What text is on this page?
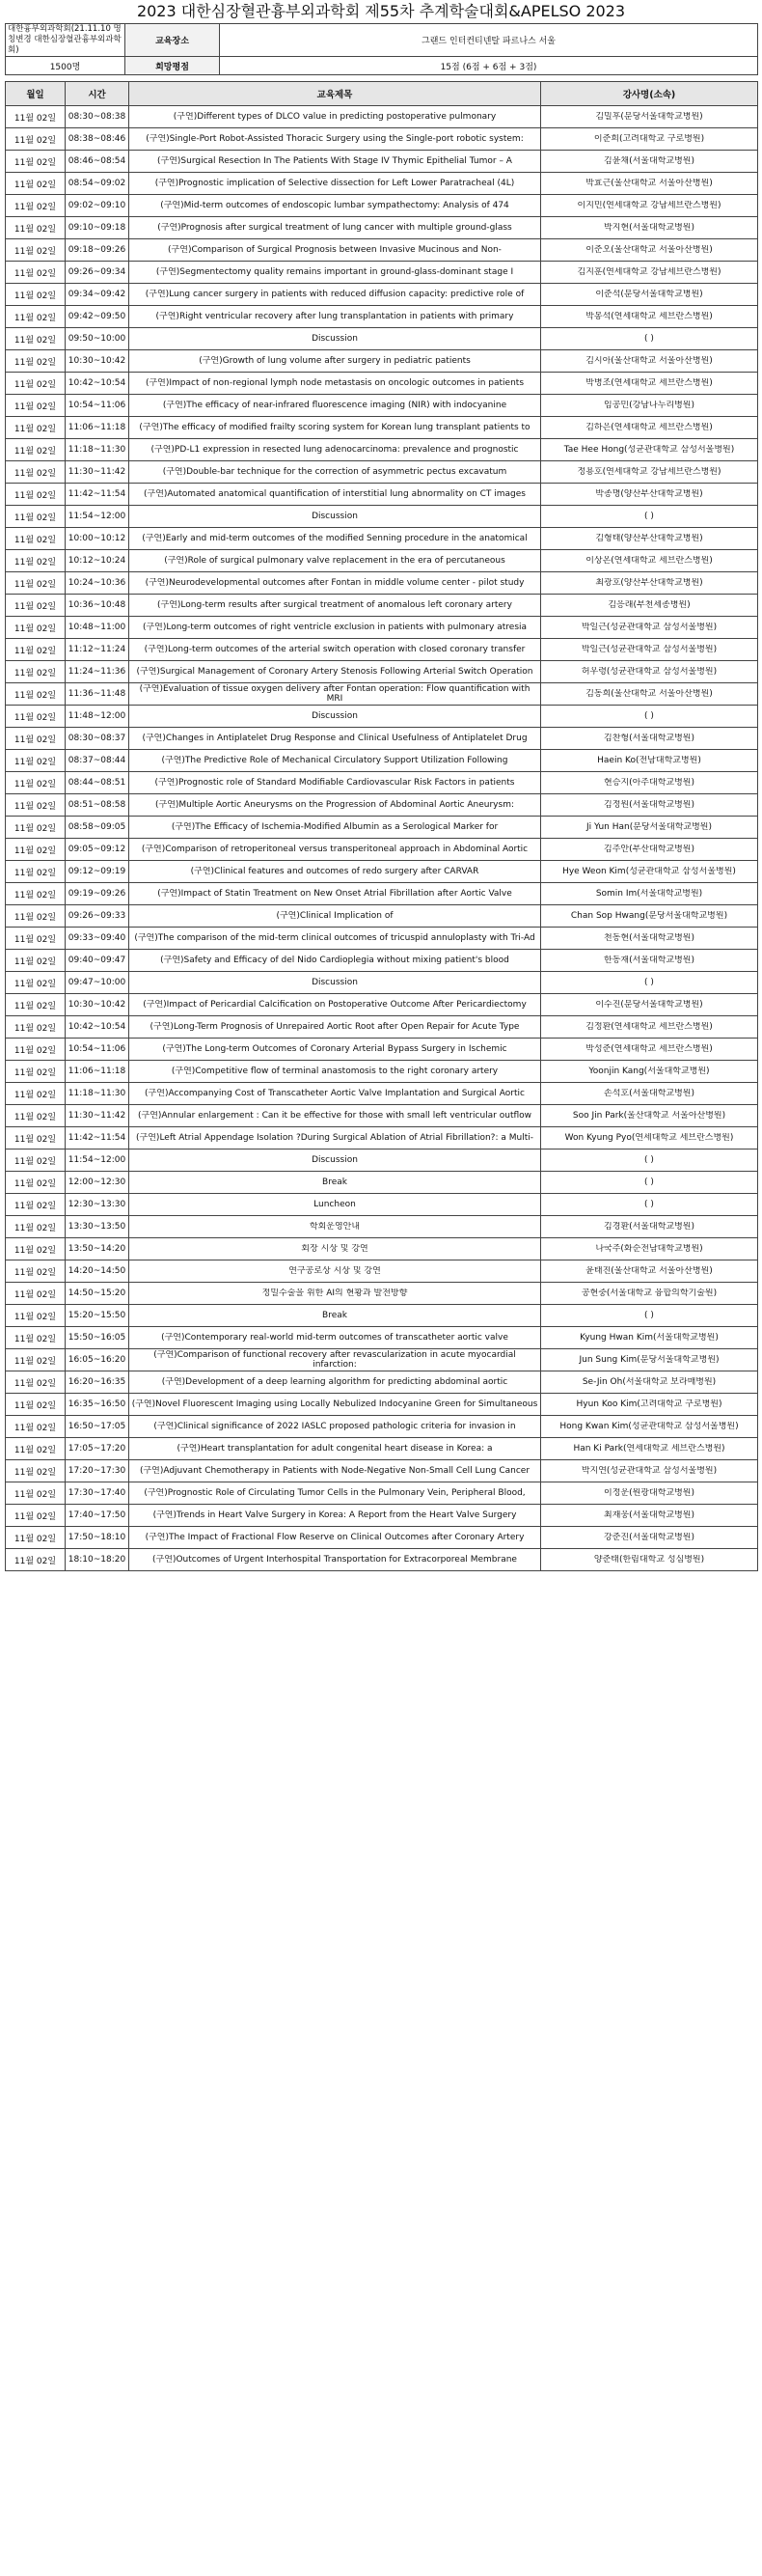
2023 대한심장혈관흉부외과학회 제55차 추계학술대회&APELSO 2023
대한흉부외과학회(21.11.10 명칭변경 대한심장혈관흉부외과학회)	교육장소	그랜드 인터컨티넨탈 파르나스 서울
1500명	희망평점	15점 (6점 + 6점 + 3점)
월일	시간	교육제목	강사명(소속)
11월 02일	08:30~08:38	(구연)Different types of DLCO value in predicting postoperative pulmonary	김밀후(분당서울대학교병원)

11월 02일	08:38~08:46	(구연)Single-Port Robot-Assisted Thoracic Surgery using the Single-port robotic system:	이준희(고려대학교 구로병원)

11월 02일	08:46~08:54	(구연)Surgical Resection In The Patients With Stage IV Thymic Epithelial Tumor – A	김윤채(서울대학교병원)

11월 02일	08:54~09:02	(구연)Prognostic implication of Selective dissection for Left Lower Paratracheal (4L)	박효근(울산대학교 서울아산병원)

11월 02일	09:02~09:10	(구연)Mid-term outcomes of endoscopic lumbar sympathectomy: Analysis of 474	이지민(연세대학교 강남세브란스병원)

11월 02일	09:10~09:18	(구연)Prognosis after surgical treatment of lung cancer with multiple ground-glass	박지현(서울대학교병원)

11월 02일	09:18~09:26	(구연)Comparison of Surgical Prognosis between Invasive Mucinous and Non-	이준오(울산대학교 서울아산병원)

11월 02일	09:26~09:34	(구연)Segmentectomy quality remains important in ground-glass-dominant stage I	김지훈(연세대학교 강남세브란스병원)

11월 02일	09:34~09:42	(구연)Lung cancer surgery in patients with reduced diffusion capacity: predictive role of	이준석(분당서울대학교병원)

11월 02일	09:42~09:50	(구연)Right ventricular recovery after lung transplantation in patients with primary	박봉석(연세대학교 세브란스병원)

11월 02일	09:50~10:00	Discussion	( )

11월 02일	10:30~10:42	(구연)Growth of lung volume after surgery in pediatric patients	김시아(울산대학교 서울아산병원)

11월 02일	10:42~10:54	(구연)Impact of non-regional lymph node metastasis on oncologic outcomes in patients	박병조(연세대학교 세브란스병원)

11월 02일	10:54~11:06	(구연)The efficacy of near-infrared fluorescence imaging (NIR) with indocyanine	임공민(강남나누리병원)

11월 02일	11:06~11:18	(구연)The efficacy of modified frailty scoring system for Korean lung transplant patients to	김하은(연세대학교 세브란스병원)

11월 02일	11:18~11:30	(구연)PD-L1 expression in resected lung adenocarcinoma: prevalence and prognostic	Tae Hee Hong(성균관대학교 삼성서울병원)

11월 02일	11:30~11:42	(구연)Double-bar technique for the correction of asymmetric pectus excavatum	정용호(연세대학교 강남세브란스병원)

11월 02일	11:42~11:54	(구연)Automated anatomical quantification of interstitial lung abnormality on CT images	박종명(양산부산대학교병원)

11월 02일	11:54~12:00	Discussion	( )

11월 02일	10:00~10:12	(구연)Early and mid-term outcomes of the modified Senning procedure in the anatomical	김형태(양산부산대학교병원)

11월 02일	10:12~10:24	(구연)Role of surgical pulmonary valve replacement in the era of percutaneous	이상온(연세대학교 세브란스병원)

11월 02일	10:24~10:36	(구연)Neurodevelopmental outcomes after Fontan in middle volume center - pilot study	최광호(양산부산대학교병원)

11월 02일	10:36~10:48	(구연)Long-term results after surgical treatment of anomalous left coronary artery	김응래(부천세종병원)

11월 02일	10:48~11:00	(구연)Long-term outcomes of right ventricle exclusion in patients with pulmonary atresia	박일근(성균관대학교 삼성서울병원)

11월 02일	11:12~11:24	(구연)Long-term outcomes of the arterial switch operation with closed coronary transfer	박일근(성균관대학교 삼성서울병원)

11월 02일	11:24~11:36	(구연)Surgical Management of Coronary Artery Stenosis Following Arterial Switch Operation	허우령(성균관대학교 삼성서울병원)

11월 02일	11:36~11:48	(구연)Evaluation of tissue oxygen delivery after Fontan operation: Flow quantification with MRI	김동희(울산대학교 서울아산병원)

11월 02일	11:48~12:00	Discussion	( )

11월 02일	08:30~08:37	(구연)Changes in Antiplatelet Drug Response and Clinical Usefulness of Antiplatelet Drug	김찬형(서울대학교병원)

11월 02일	08:37~08:44	(구연)The Predictive Role of Mechanical Circulatory Support Utilization Following	Haein Ko(전남대학교병원)

11월 02일	08:44~08:51	(구연)Prognostic role of Standard Modifiable Cardiovascular Risk Factors in patients	현승지(아주대학교병원)

11월 02일	08:51~08:58	(구연)Multiple Aortic Aneurysms on the Progression of Abdominal Aortic Aneurysm:	김정원(서울대학교병원)

11월 02일	08:58~09:05	(구연)The Efficacy of Ischemia-Modified Albumin as a Serological Marker for	Ji Yun Han(분당서울대학교병원)

11월 02일	09:05~09:12	(구연)Comparison of retroperitoneal versus transperitoneal approach in Abdominal Aortic	김주안(부산대학교병원)

11월 02일	09:12~09:19	(구연)Clinical features and outcomes of redo surgery after CARVAR	Hye Weon Kim(성균관대학교 삼성서울병원)

11월 02일	09:19~09:26	(구연)Impact of Statin Treatment on New Onset Atrial Fibrillation after Aortic Valve	Somin Im(서울대학교병원)

11월 02일	09:26~09:33	(구연)Clinical Implication of	Chan Sop Hwang(분당서울대학교병원)

11월 02일	09:33~09:40	(구연)The comparison of the mid-term clinical outcomes of tricuspid annuloplasty with Tri-Ad	천동현(서울대학교병원)

11월 02일	09:40~09:47	(구연)Safety and Efficacy of del Nido Cardioplegia without mixing patient's blood	한동재(서울대학교병원)

11월 02일	09:47~10:00	Discussion	( )

11월 02일	10:30~10:42	(구연)Impact of Pericardial Calcification on Postoperative Outcome After Pericardiectomy	이수진(분당서울대학교병원)

11월 02일	10:42~10:54	(구연)Long-Term Prognosis of Unrepaired Aortic Root after Open Repair for Acute Type	김정환(연세대학교 세브란스병원)

11월 02일	10:54~11:06	(구연)The Long-term Outcomes of Coronary Arterial Bypass Surgery in Ischemic	박성준(연세대학교 세브란스병원)

11월 02일	11:06~11:18	(구연)Competitive flow of terminal anastomosis to the right coronary artery	Yoonjin Kang(서울대학교병원)

11월 02일	11:18~11:30	(구연)Accompanying Cost of Transcatheter Aortic Valve Implantation and Surgical Aortic	손석호(서울대학교병원)

11월 02일	11:30~11:42	(구연)Annular enlargement : Can it be effective for those with small left ventricular outflow	Soo Jin Park(울산대학교 서울아산병원)

11월 02일	11:42~11:54	(구연)Left Atrial Appendage Isolation ?During Surgical Ablation of Atrial Fibrillation?: a Multi-	Won Kyung Pyo(연세대학교 세브란스병원)

11월 02일	11:54~12:00	Discussion	( )

11월 02일	12:00~12:30	Break	( )

11월 02일	12:30~13:30	Luncheon	( )

11월 02일	13:30~13:50	학회운영안내	김경환(서울대학교병원)

11월 02일	13:50~14:20	회장 시상 및 강연	나국주(화순전남대학교병원)

11월 02일	14:20~14:50	연구공로상 시상 및 강연	윤태진(울산대학교 서울아산병원)

11월 02일	14:50~15:20	정밀수술을 위한 AI의 현황과 발전방향	공현중(서울대학교 융합의학기술원)

11월 02일	15:20~15:50	Break	( )

11월 02일	15:50~16:05	(구연)Contemporary real-world mid-term outcomes of transcatheter aortic valve	Kyung Hwan Kim(서울대학교병원)

11월 02일	16:05~16:20	(구연)Comparison of functional recovery after revascularization in acute myocardial infarction:	Jun Sung Kim(분당서울대학교병원)

11월 02일	16:20~16:35	(구연)Development of a deep learning algorithm for predicting abdominal aortic	Se-Jin Oh(서울대학교 보라매병원)

11월 02일	16:35~16:50	(구연)Novel Fluorescent Imaging using Locally Nebulized Indocyanine Green for Simultaneous	Hyun Koo Kim(고려대학교 구로병원)

11월 02일	16:50~17:05	(구연)Clinical significance of 2022 IASLC proposed pathologic criteria for invasion in	Hong Kwan Kim(성균관대학교 삼성서울병원)

11월 02일	17:05~17:20	(구연)Heart transplantation for adult congenital heart disease in Korea: a	Han Ki Park(연세대학교 세브란스병원)

11월 02일	17:20~17:30	(구연)Adjuvant Chemotherapy in Patients with Node-Negative Non-Small Cell Lung Cancer	박지연(성균관대학교 삼성서울병원)

11월 02일	17:30~17:40	(구연)Prognostic Role of Circulating Tumor Cells in the Pulmonary Vein, Peripheral Blood,	이정운(원광대학교병원)

11월 02일	17:40~17:50	(구연)Trends in Heart Valve Surgery in Korea: A Report from the Heart Valve Surgery	최재웅(서울대학교병원)

11월 02일	17:50~18:10	(구연)The Impact of Fractional Flow Reserve on Clinical Outcomes after Coronary Artery	강준진(서울대학교병원)

11월 02일	18:10~18:20	(구연)Outcomes of Urgent Interhospital Transportation for Extracorporeal Membrane	양준태(한림대학교 성심병원)
